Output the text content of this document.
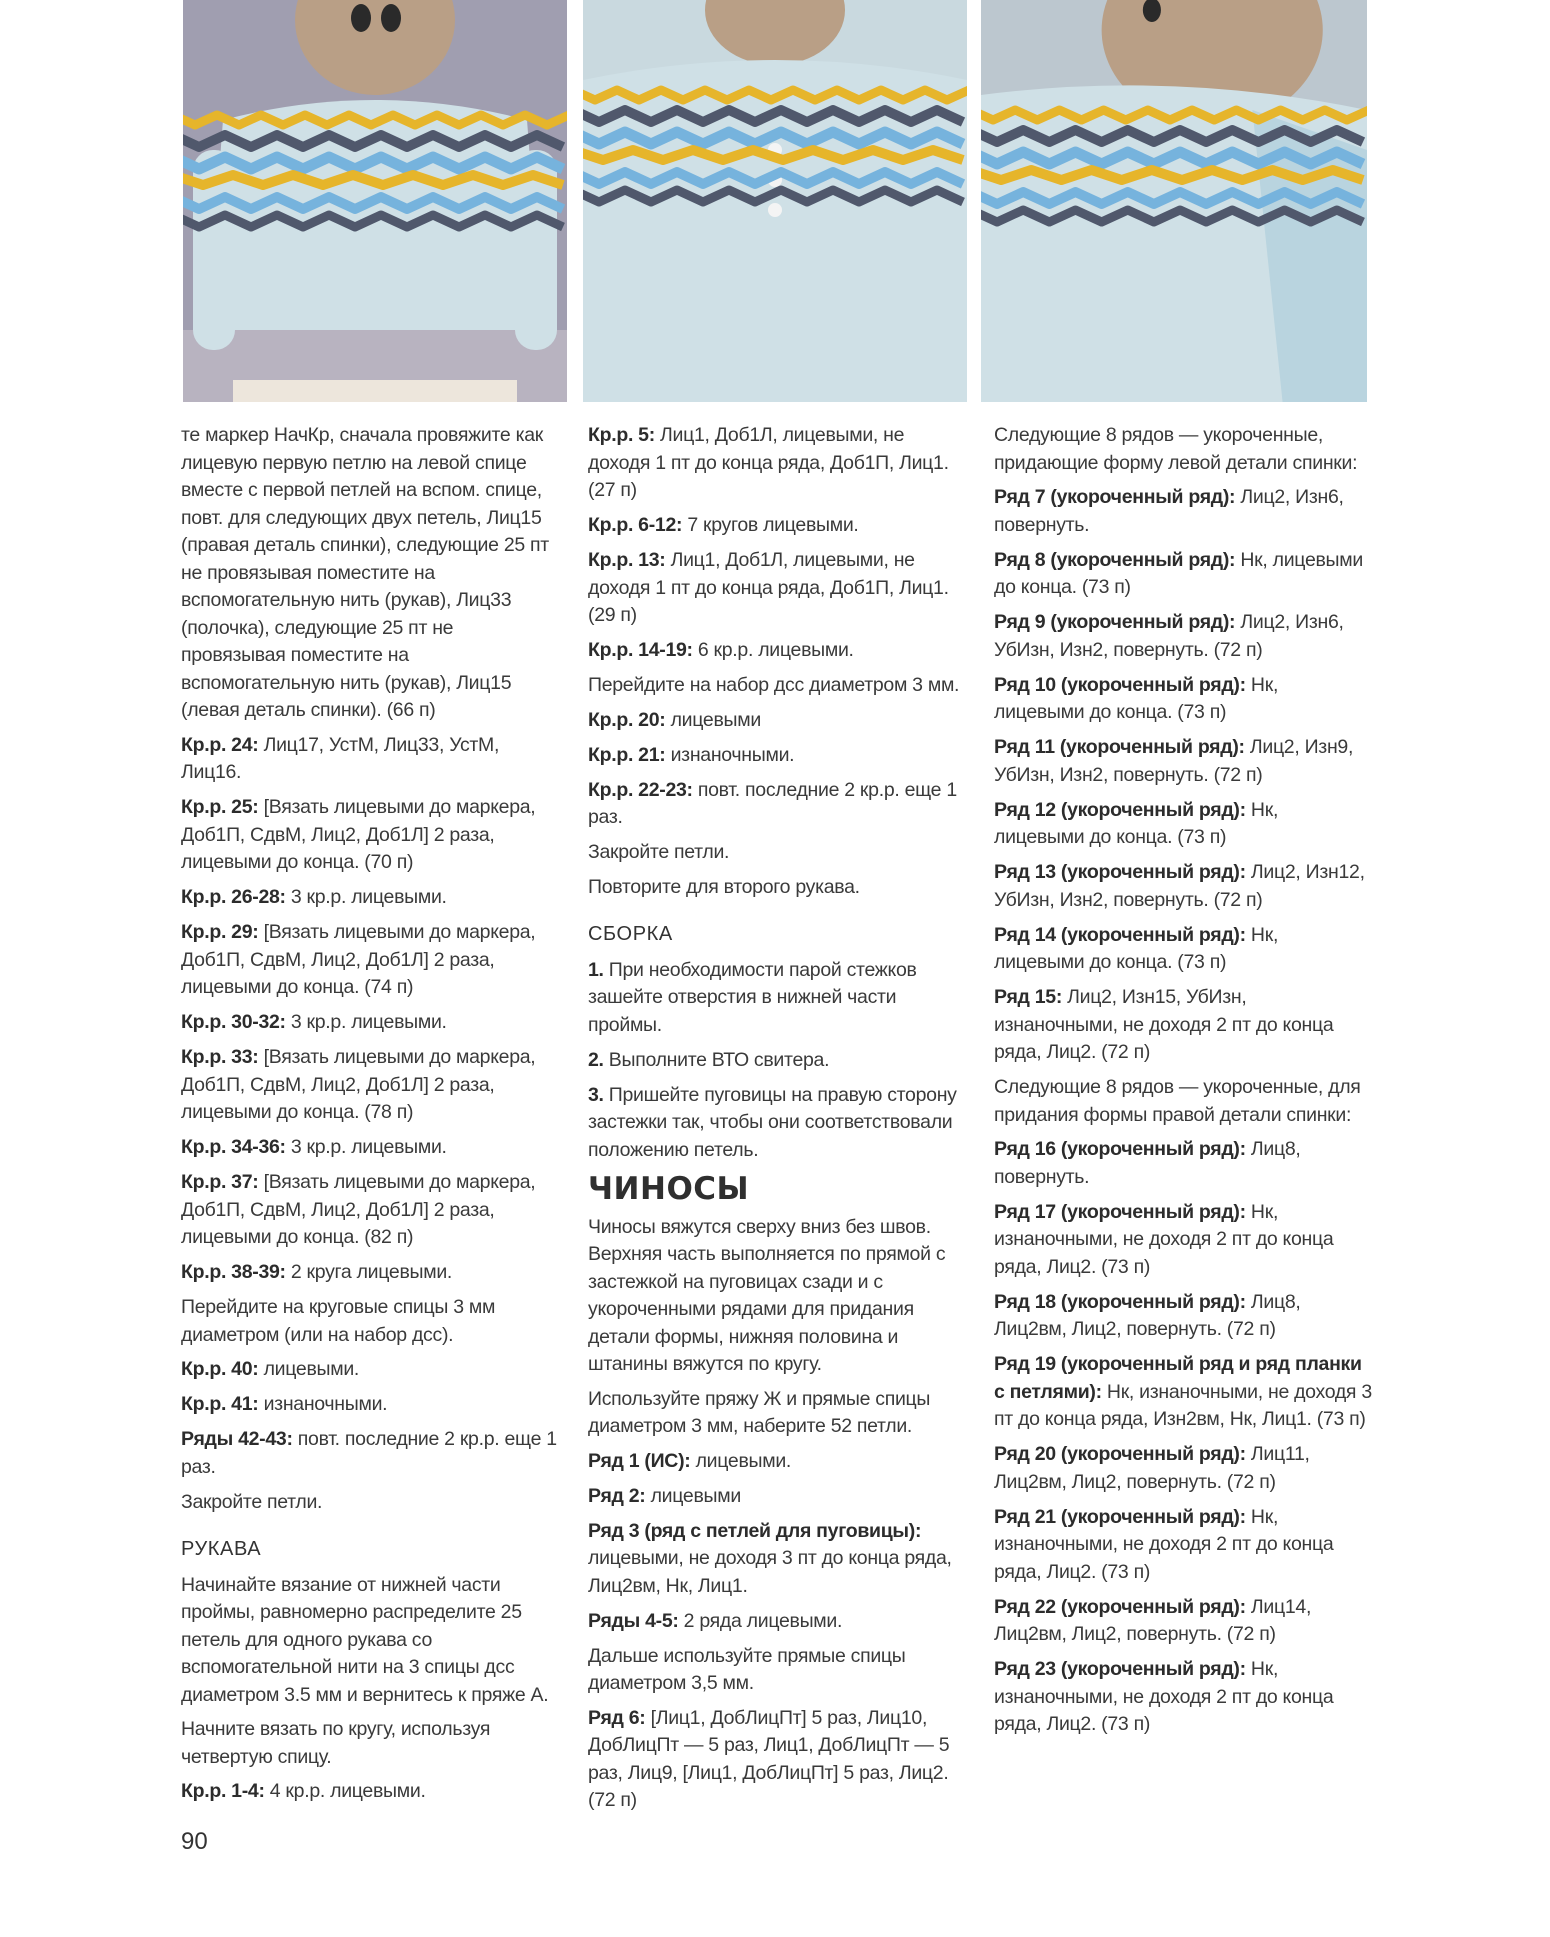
те маркер НачКр, сначала провяжите как лицевую первую петлю на левой спице вместе с первой петлей на вспом. спице, повт. для следующих двух петель, Лиц15 (правая деталь спинки), следующие 25 пт не провязывая поместите на вспомогательную нить (рукав), Лиц33 (полочка), следующие 25 пт не провязывая поместите на вспомогательную нить (рукав), Лиц15 (левая деталь спинки). (66 п)
Кр.р. 24: Лиц17, УстМ, Лиц33, УстМ, Лиц16.
Кр.р. 25: [Вязать лицевыми до маркера, Доб1П, СдвМ, Лиц2, Доб1Л] 2 раза, лицевыми до конца. (70 п)
Кр.р. 26-28: 3 кр.р. лицевыми.
Кр.р. 29: [Вязать лицевыми до маркера, Доб1П, СдвМ, Лиц2, Доб1Л] 2 раза, лицевыми до конца. (74 п)
Кр.р. 30-32: 3 кр.р. лицевыми.
Кр.р. 33: [Вязать лицевыми до маркера, Доб1П, СдвМ, Лиц2, Доб1Л] 2 раза, лицевыми до конца. (78 п)
Кр.р. 34-36: 3 кр.р. лицевыми.
Кр.р. 37: [Вязать лицевыми до маркера, Доб1П, СдвМ, Лиц2, Доб1Л] 2 раза, лицевыми до конца. (82 п)
Кр.р. 38-39: 2 круга лицевыми.
Перейдите на круговые спицы 3 мм диаметром (или на набор дсс).
Кр.р. 40: лицевыми.
Кр.р. 41: изнаночными.
Ряды 42-43: повт. последние 2 кр.р. еще 1 раз.
Закройте петли.
РУКАВА
Начинайте вязание от нижней части проймы, равномерно распределите 25 петель для одного рукава со вспомогательной нити на 3 спицы дсс диаметром 3.5 мм и вернитесь к пряже А.
Начните вязать по кругу, используя четвертую спицу.
Кр.р. 1-4: 4 кр.р. лицевыми.
Кр.р. 5: Лиц1, Доб1Л, лицевыми, не доходя 1 пт до конца ряда, Доб1П, Лиц1. (27 п)
Кр.р. 6-12: 7 кругов лицевыми.
Кр.р. 13: Лиц1, Доб1Л, лицевыми, не доходя 1 пт до конца ряда, Доб1П, Лиц1. (29 п)
Кр.р. 14-19: 6 кр.р. лицевыми.
Перейдите на набор дсс диаметром 3 мм.
Кр.р. 20: лицевыми
Кр.р. 21: изнаночными.
Кр.р. 22-23: повт. последние 2 кр.р. еще 1 раз.
Закройте петли.
Повторите для второго рукава.
СБОРКА
1. При необходимости парой стежков зашейте отверстия в нижней части проймы.
2. Выполните ВТО свитера.
3. Пришейте пуговицы на правую сторону застежки так, чтобы они соответствовали положению петель.
ЧИНОСЫ
Чиносы вяжутся сверху вниз без швов. Верхняя часть выполняется по прямой с застежкой на пуговицах сзади и с укороченными рядами для придания детали формы, нижняя половина и штанины вяжутся по кругу.
Используйте пряжу Ж и прямые спицы диаметром 3 мм, наберите 52 петли.
Ряд 1 (ИС): лицевыми.
Ряд 2: лицевыми
Ряд 3 (ряд с петлей для пуговицы): лицевыми, не доходя 3 пт до конца ряда, Лиц2вм, Нк, Лиц1.
Ряды 4-5: 2 ряда лицевыми.
Дальше используйте прямые спицы диаметром 3,5 мм.
Ряд 6: [Лиц1, ДобЛицПт] 5 раз, Лиц10, ДобЛицПт — 5 раз, Лиц1, ДобЛицПт — 5 раз, Лиц9, [Лиц1, ДобЛицПт] 5 раз, Лиц2. (72 п)
Следующие 8 рядов — укороченные, придающие форму левой детали спинки:
Ряд 7 (укороченный ряд): Лиц2, Изн6, повернуть.
Ряд 8 (укороченный ряд): Нк, лицевыми до конца. (73 п)
Ряд 9 (укороченный ряд): Лиц2, Изн6, УбИзн, Изн2, повернуть. (72 п)
Ряд 10 (укороченный ряд): Нк, лицевыми до конца. (73 п)
Ряд 11 (укороченный ряд): Лиц2, Изн9, УбИзн, Изн2, повернуть. (72 п)
Ряд 12 (укороченный ряд): Нк, лицевыми до конца. (73 п)
Ряд 13 (укороченный ряд): Лиц2, Изн12, УбИзн, Изн2, повернуть. (72 п)
Ряд 14 (укороченный ряд): Нк, лицевыми до конца. (73 п)
Ряд 15: Лиц2, Изн15, УбИзн, изнаночными, не доходя 2 пт до конца ряда, Лиц2. (72 п)
Следующие 8 рядов — укороченные, для придания формы правой детали спинки:
Ряд 16 (укороченный ряд): Лиц8, повернуть.
Ряд 17 (укороченный ряд): Нк, изнаночными, не доходя 2 пт до конца ряда, Лиц2. (73 п)
Ряд 18 (укороченный ряд): Лиц8, Лиц2вм, Лиц2, повернуть. (72 п)
Ряд 19 (укороченный ряд и ряд планки с петлями): Нк, изнаночными, не доходя 3 пт до конца ряда, Изн2вм, Нк, Лиц1. (73 п)
Ряд 20 (укороченный ряд): Лиц11, Лиц2вм, Лиц2, повернуть. (72 п)
Ряд 21 (укороченный ряд): Нк, изнаночными, не доходя 2 пт до конца ряда, Лиц2. (73 п)
Ряд 22 (укороченный ряд): Лиц14, Лиц2вм, Лиц2, повернуть. (72 п)
Ряд 23 (укороченный ряд): Нк, изнаночными, не доходя 2 пт до конца ряда, Лиц2. (73 п)
90
